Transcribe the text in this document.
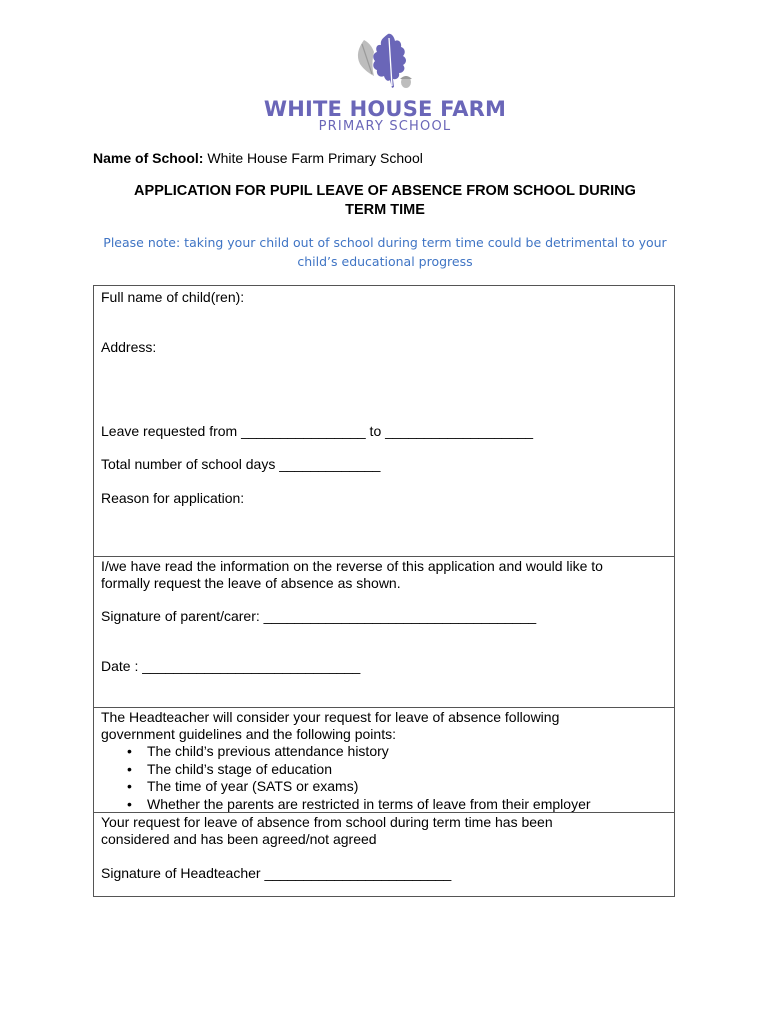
WHITE HOUSE FARM
PRIMARY SCHOOL
Name of School: White House Farm Primary School
APPLICATION FOR PUPIL LEAVE OF ABSENCE FROM SCHOOL DURING
TERM TIME
Please note: taking your child out of school during term time could be detrimental to your
child’s educational progress
Full name of child(ren):
Address:
Leave requested from ________________ to ___________________
Total number of school days _____________
Reason for application:
I/we have read the information on the reverse of this application and would like to
formally request the leave of absence as shown.
Signature of parent/carer: ___________________________________
Date : ____________________________
The Headteacher will consider your request for leave of absence following
government guidelines and the following points:
• The child’s previous attendance history
• The child’s stage of education
• The time of year (SATS or exams)
• Whether the parents are restricted in terms of leave from their employer
Your request for leave of absence from school during term time has been
considered and has been agreed/not agreed
Signature of Headteacher ________________________
